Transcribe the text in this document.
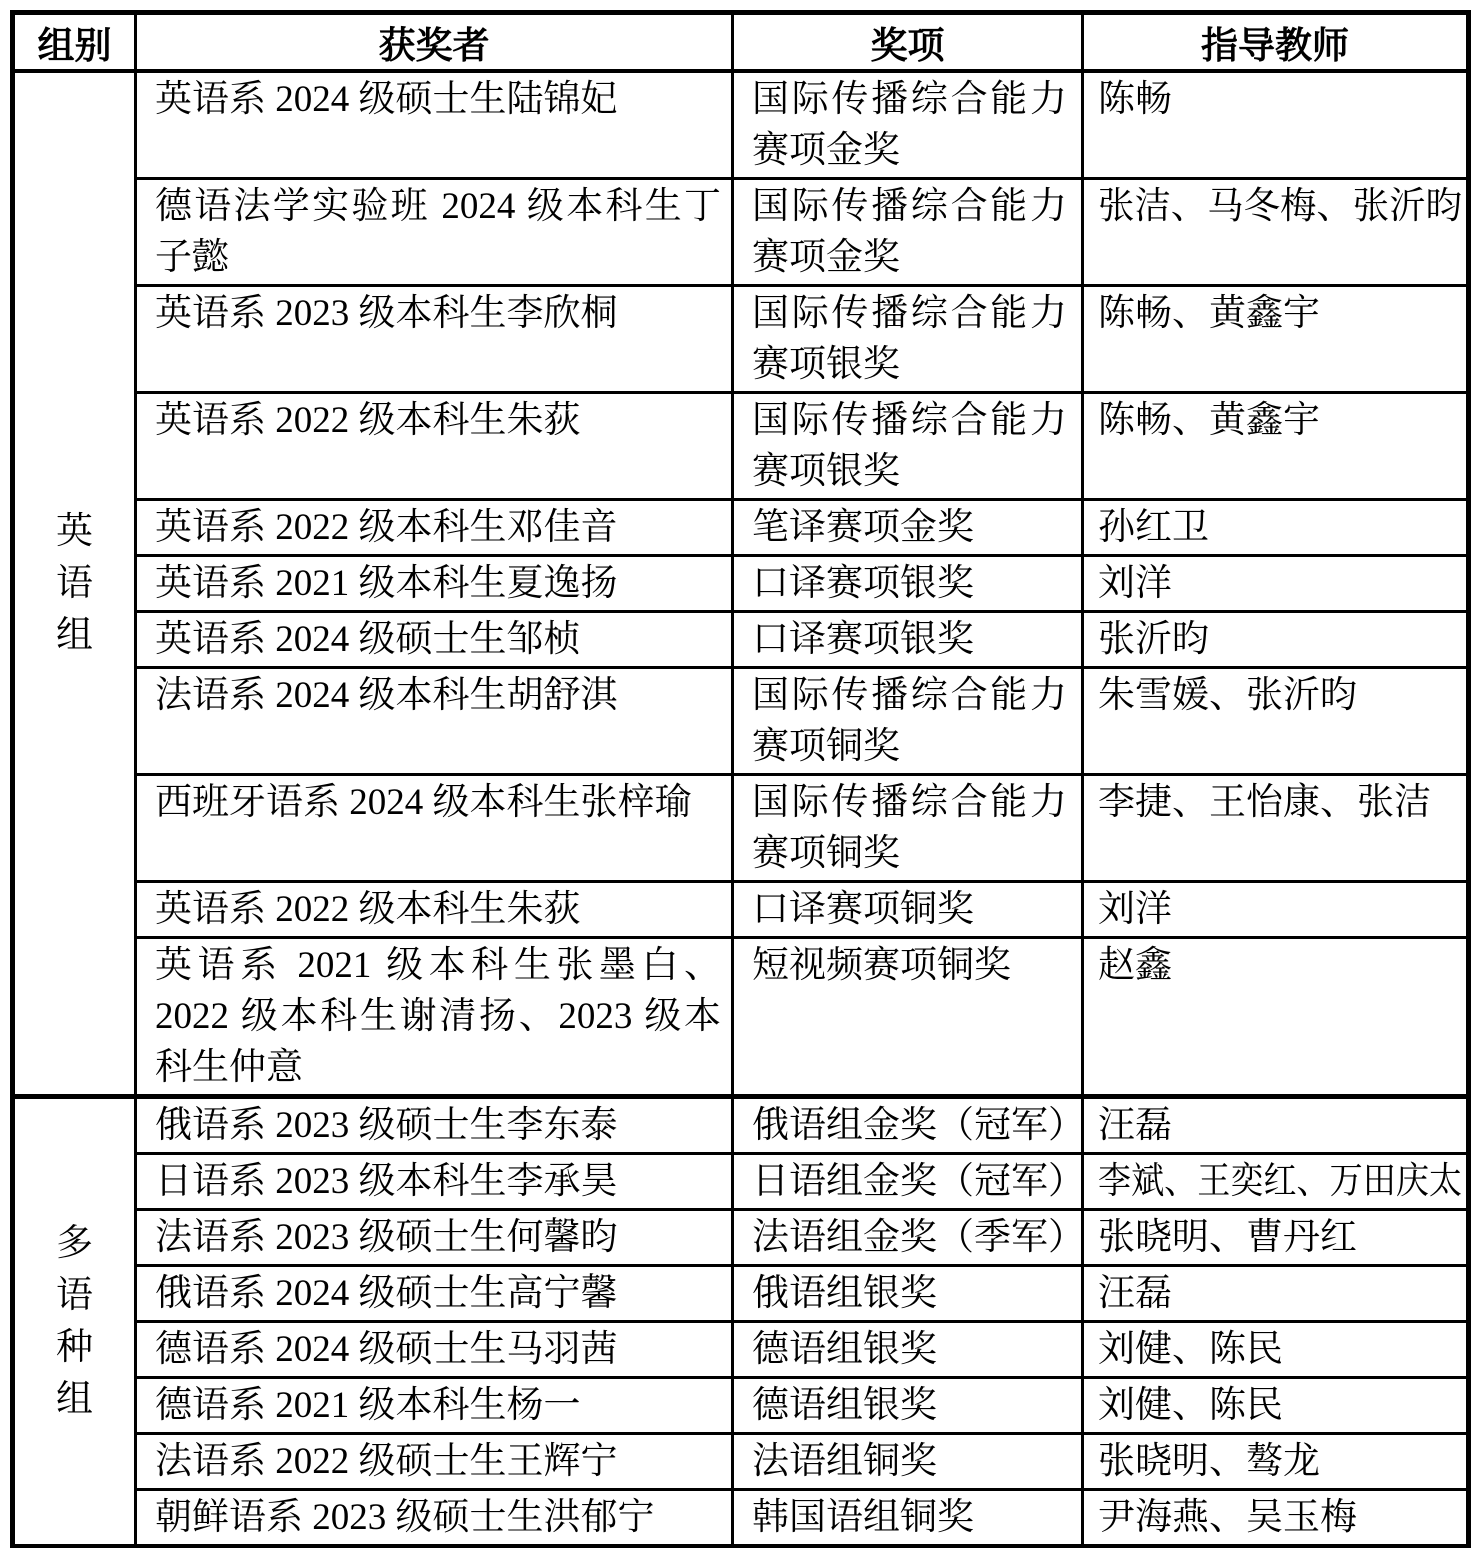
组别	获奖者	奖项	指导教师

英语组	英语系 2024 级硕士生陆锦妃	国际传播综合能力赛项金奖	陈畅
	德语法学实验班 2024 级本科生丁子懿	国际传播综合能力赛项金奖	张洁、马冬梅、张沂昀
	英语系 2023 级本科生李欣桐	国际传播综合能力赛项银奖	陈畅、黄鑫宇
	英语系 2022 级本科生朱荻	国际传播综合能力赛项银奖	陈畅、黄鑫宇
	英语系 2022 级本科生邓佳音	笔译赛项金奖	孙红卫
	英语系 2021 级本科生夏逸扬	口译赛项银奖	刘洋
	英语系 2024 级硕士生邹桢	口译赛项银奖	张沂昀
	法语系 2024 级本科生胡舒淇	国际传播综合能力赛项铜奖	朱雪媛、张沂昀
	西班牙语系 2024 级本科生张梓瑜	国际传播综合能力赛项铜奖	李捷、王怡康、张洁
	英语系 2022 级本科生朱荻	口译赛项铜奖	刘洋
	英语系 2021 级本科生张墨白、2022 级本科生谢清扬、2023 级本科生仲意	短视频赛项铜奖	赵鑫

多语种组	俄语系 2023 级硕士生李东泰	俄语组金奖（冠军）	汪磊
	日语系 2023 级本科生李承昊	日语组金奖（冠军）	李斌、王奕红、万田庆太
	法语系 2023 级硕士生何馨昀	法语组金奖（季军）	张晓明、曹丹红
	俄语系 2024 级硕士生高宁馨	俄语组银奖	汪磊
	德语系 2024 级硕士生马羽茜	德语组银奖	刘健、陈民
	德语系 2021 级本科生杨一	德语组银奖	刘健、陈民
	法语系 2022 级硕士生王辉宁	法语组铜奖	张晓明、骜龙
	朝鲜语系 2023 级硕士生洪郁宁	韩国语组铜奖	尹海燕、吴玉梅
